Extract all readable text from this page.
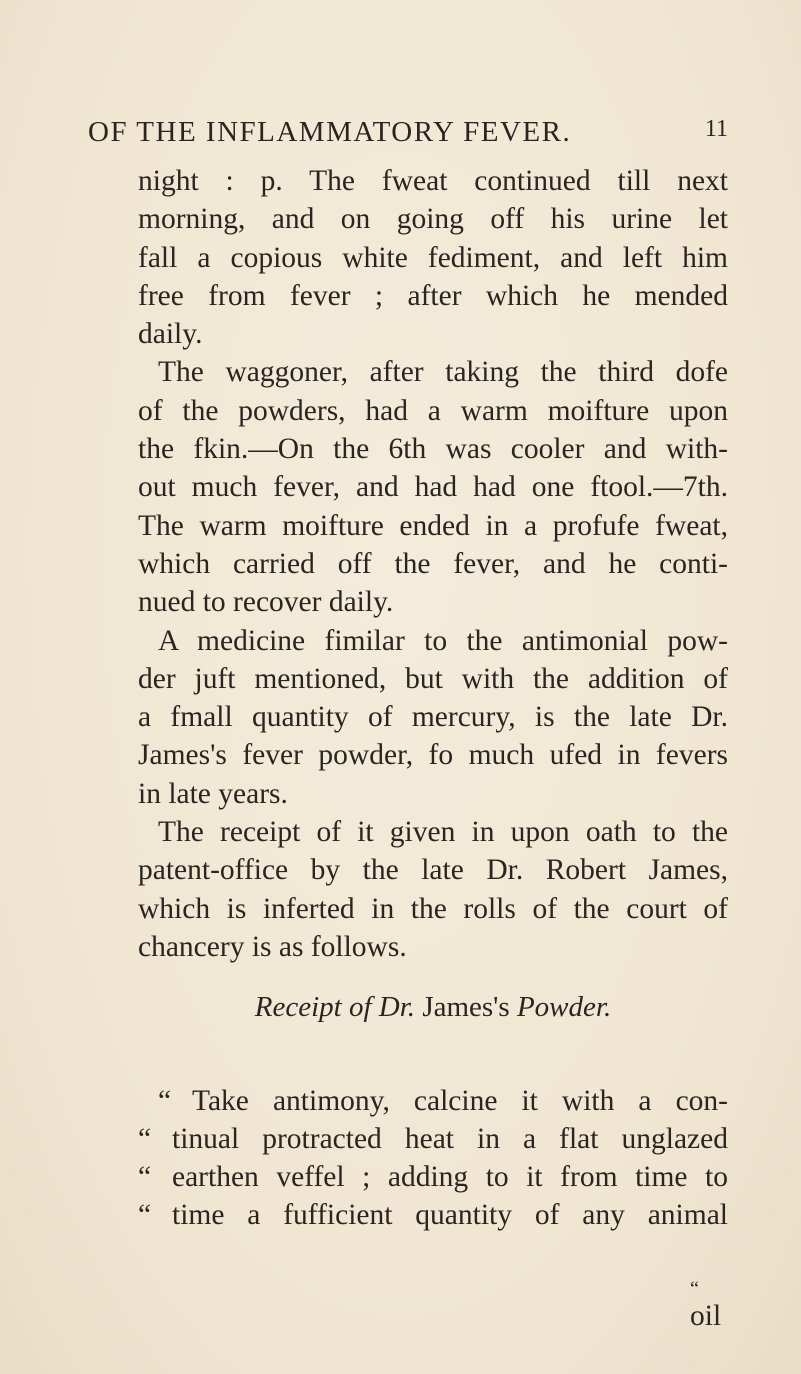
OF THE INFLAMMATORY FEVER.	11
night : p. The fweat continued till next
morning, and on going off his urine let
fall a copious white fediment, and left him
free from fever ; after which he mended
daily.
The waggoner, after taking the third dofe
of the powders, had a warm moifture upon
the fkin.—On the 6th was cooler and with-
out much fever, and had had one ftool.—7th.
The warm moifture ended in a profufe fweat,
which carried off the fever, and he conti-
nued to recover daily.
A medicine fimilar to the antimonial pow-
der juft mentioned, but with the addition of
a fmall quantity of mercury, is the late Dr.
James's fever powder, fo much ufed in fevers
in late years.
The receipt of it given in upon oath to the
patent-office by the late Dr. Robert James,
which is inferted in the rolls of the court of
chancery is as follows.
Receipt of Dr. James's Powder.
“ Take antimony, calcine it with a con-
“ tinual protracted heat in a flat unglazed
“ earthen veffel ; adding to it from time to
“ time a fufficient quantity of any animal
“
oil
